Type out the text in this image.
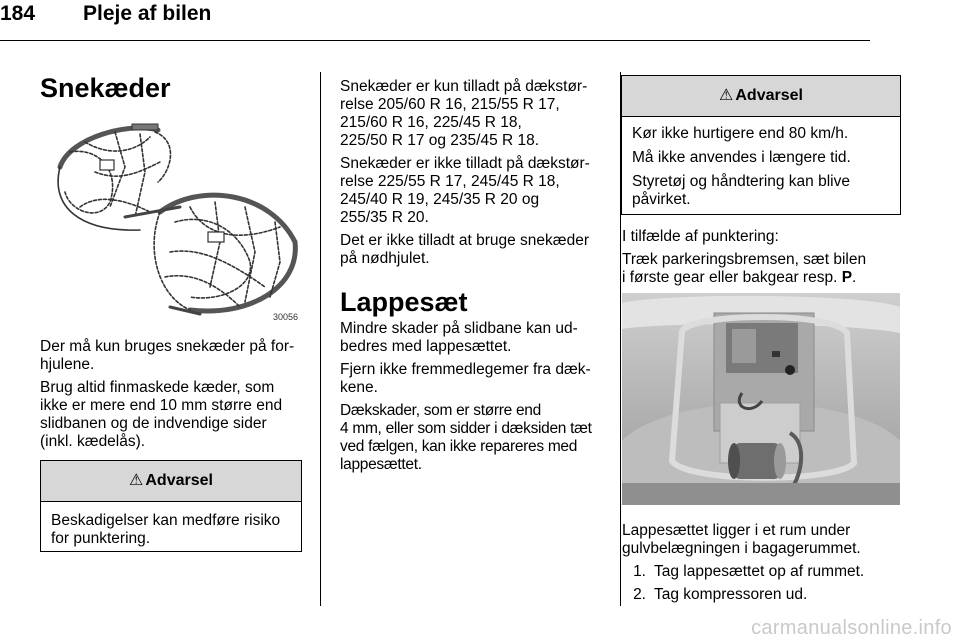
184 Pleje af bilen
Snekæder
30056

Der må kun bruges snekæder på for-
hjulene.

Brug altid finmaskede kæder, som
ikke er mere end 10 mm større end
slidbanen og de indvendige sider
(inkl. kædelås).

⚠ Advarsel

Beskadigelser kan medføre risiko
for punktering.

Snekæder er kun tilladt på dækstør-
relse 205/60 R 16, 215/55 R 17,
215/60 R 16, 225/45 R 18,
225/50 R 17 og 235/45 R 18.

Snekæder er ikke tilladt på dækstør-
relse 225/55 R 17, 245/45 R 18,
245/40 R 19, 245/35 R 20 og
255/35 R 20.

Det er ikke tilladt at bruge snekæder
på nødhjulet.

Lappesæt

Mindre skader på slidbane kan ud-
bedres med lappesættet.

Fjern ikke fremmedlegemer fra dæk-
kene.

Dækskader, som er større end
4 mm, eller som sidder i dæksiden tæt
ved fælgen, kan ikke repareres med
lappesættet.

⚠ Advarsel

Kør ikke hurtigere end 80 km/h.

Må ikke anvendes i længere tid.

Styretøj og håndtering kan blive påvirket.

I tilfælde af punktering:

Træk parkeringsbremsen, sæt bilen
i første gear eller bakgear resp. P.

Lappesættet ligger i et rum under
gulvbelægningen i bagagerummet.

1. Tag lappesættet op af rummet.
2. Tag kompressoren ud.
carmanualsonline.info
